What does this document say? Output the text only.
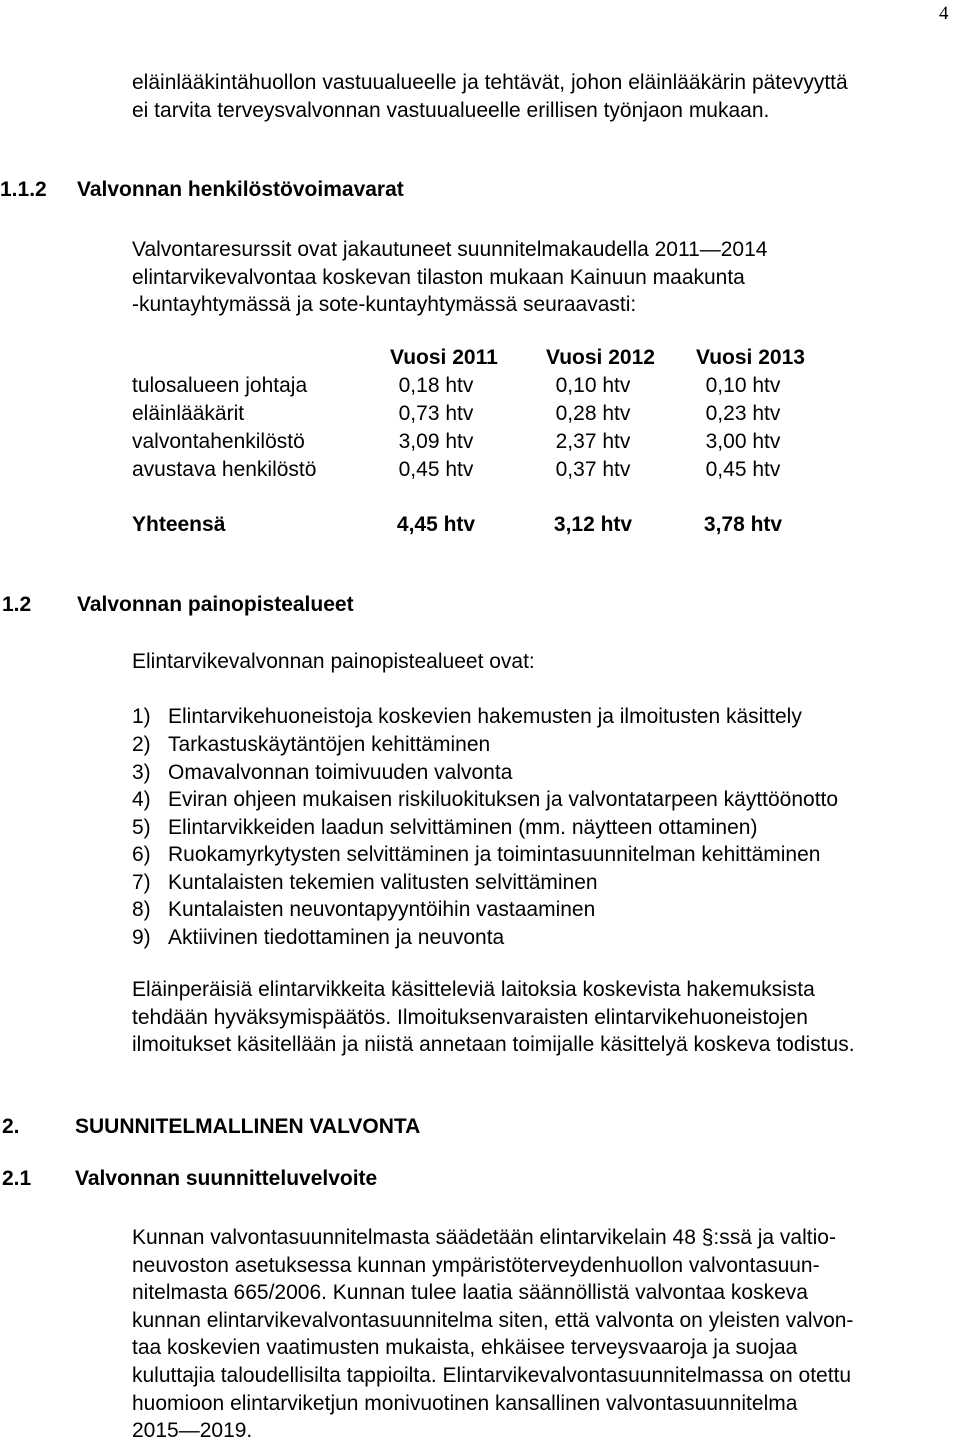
4
eläinlääkintähuollon vastuualueelle ja tehtävät, johon eläinlääkärin pätevyyttä
ei tarvita terveysvalvonnan vastuualueelle erillisen työnjaon mukaan.
1.1.2 Valvonnan henkilöstövoimavarat
Valvontaresurssit ovat jakautuneet suunnitelmakaudella 2011—2014
elintarvikevalvontaa koskevan tilaston mukaan Kainuun maakunta
-kuntayhtymässä ja sote-kuntayhtymässä seuraavasti:
Vuosi 2011 Vuosi 2012 Vuosi 2013
tulosalueen johtaja	0,18 htv	0,10 htv	0,10 htv
eläinlääkärit	0,73 htv	0,28 htv	0,23 htv
valvontahenkilöstö	3,09 htv	2,37 htv	3,00 htv
avustava henkilöstö	0,45 htv	0,37 htv	0,45 htv
Yhteensä	4,45 htv	3,12 htv	3,78 htv
1.2 Valvonnan painopistealueet
Elintarvikevalvonnan painopistealueet ovat:
1) Elintarvikehuoneistoja koskevien hakemusten ja ilmoitusten käsittely
2) Tarkastuskäytäntöjen kehittäminen
3) Omavalvonnan toimivuuden valvonta
4) Eviran ohjeen mukaisen riskiluokituksen ja valvontatarpeen käyttöönotto
5) Elintarvikkeiden laadun selvittäminen (mm. näytteen ottaminen)
6) Ruokamyrkytysten selvittäminen ja toimintasuunnitelman kehittäminen
7) Kuntalaisten tekemien valitusten selvittäminen
8) Kuntalaisten neuvontapyyntöihin vastaaminen
9) Aktiivinen tiedottaminen ja neuvonta
Eläinperäisiä elintarvikkeita käsitteleviä laitoksia koskevista hakemuksista
tehdään hyväksymispäätös. Ilmoituksenvaraisten elintarvikehuoneistojen
ilmoitukset käsitellään ja niistä annetaan toimijalle käsittelyä koskeva todistus.
2.	SUUNNITELMALLINEN VALVONTA
2.1 Valvonnan suunnitteluvelvoite
Kunnan valvontasuunnitelmasta säädetään elintarvikelain 48 §:ssä ja valtio-
neuvoston asetuksessa kunnan ympäristöterveydenhuollon valvontasuun-
nitelmasta 665/2006. Kunnan tulee laatia säännöllistä valvontaa koskeva
kunnan elintarvikevalvontasuunnitelma siten, että valvonta on yleisten valvon-
taa koskevien vaatimusten mukaista, ehkäisee terveysvaaroja ja suojaa
kuluttajia taloudellisilta tappioilta. Elintarvikevalvontasuunnitelmassa on otettu
huomioon elintarviketjun monivuotinen kansallinen valvontasuunnitelma
2015—2019.
